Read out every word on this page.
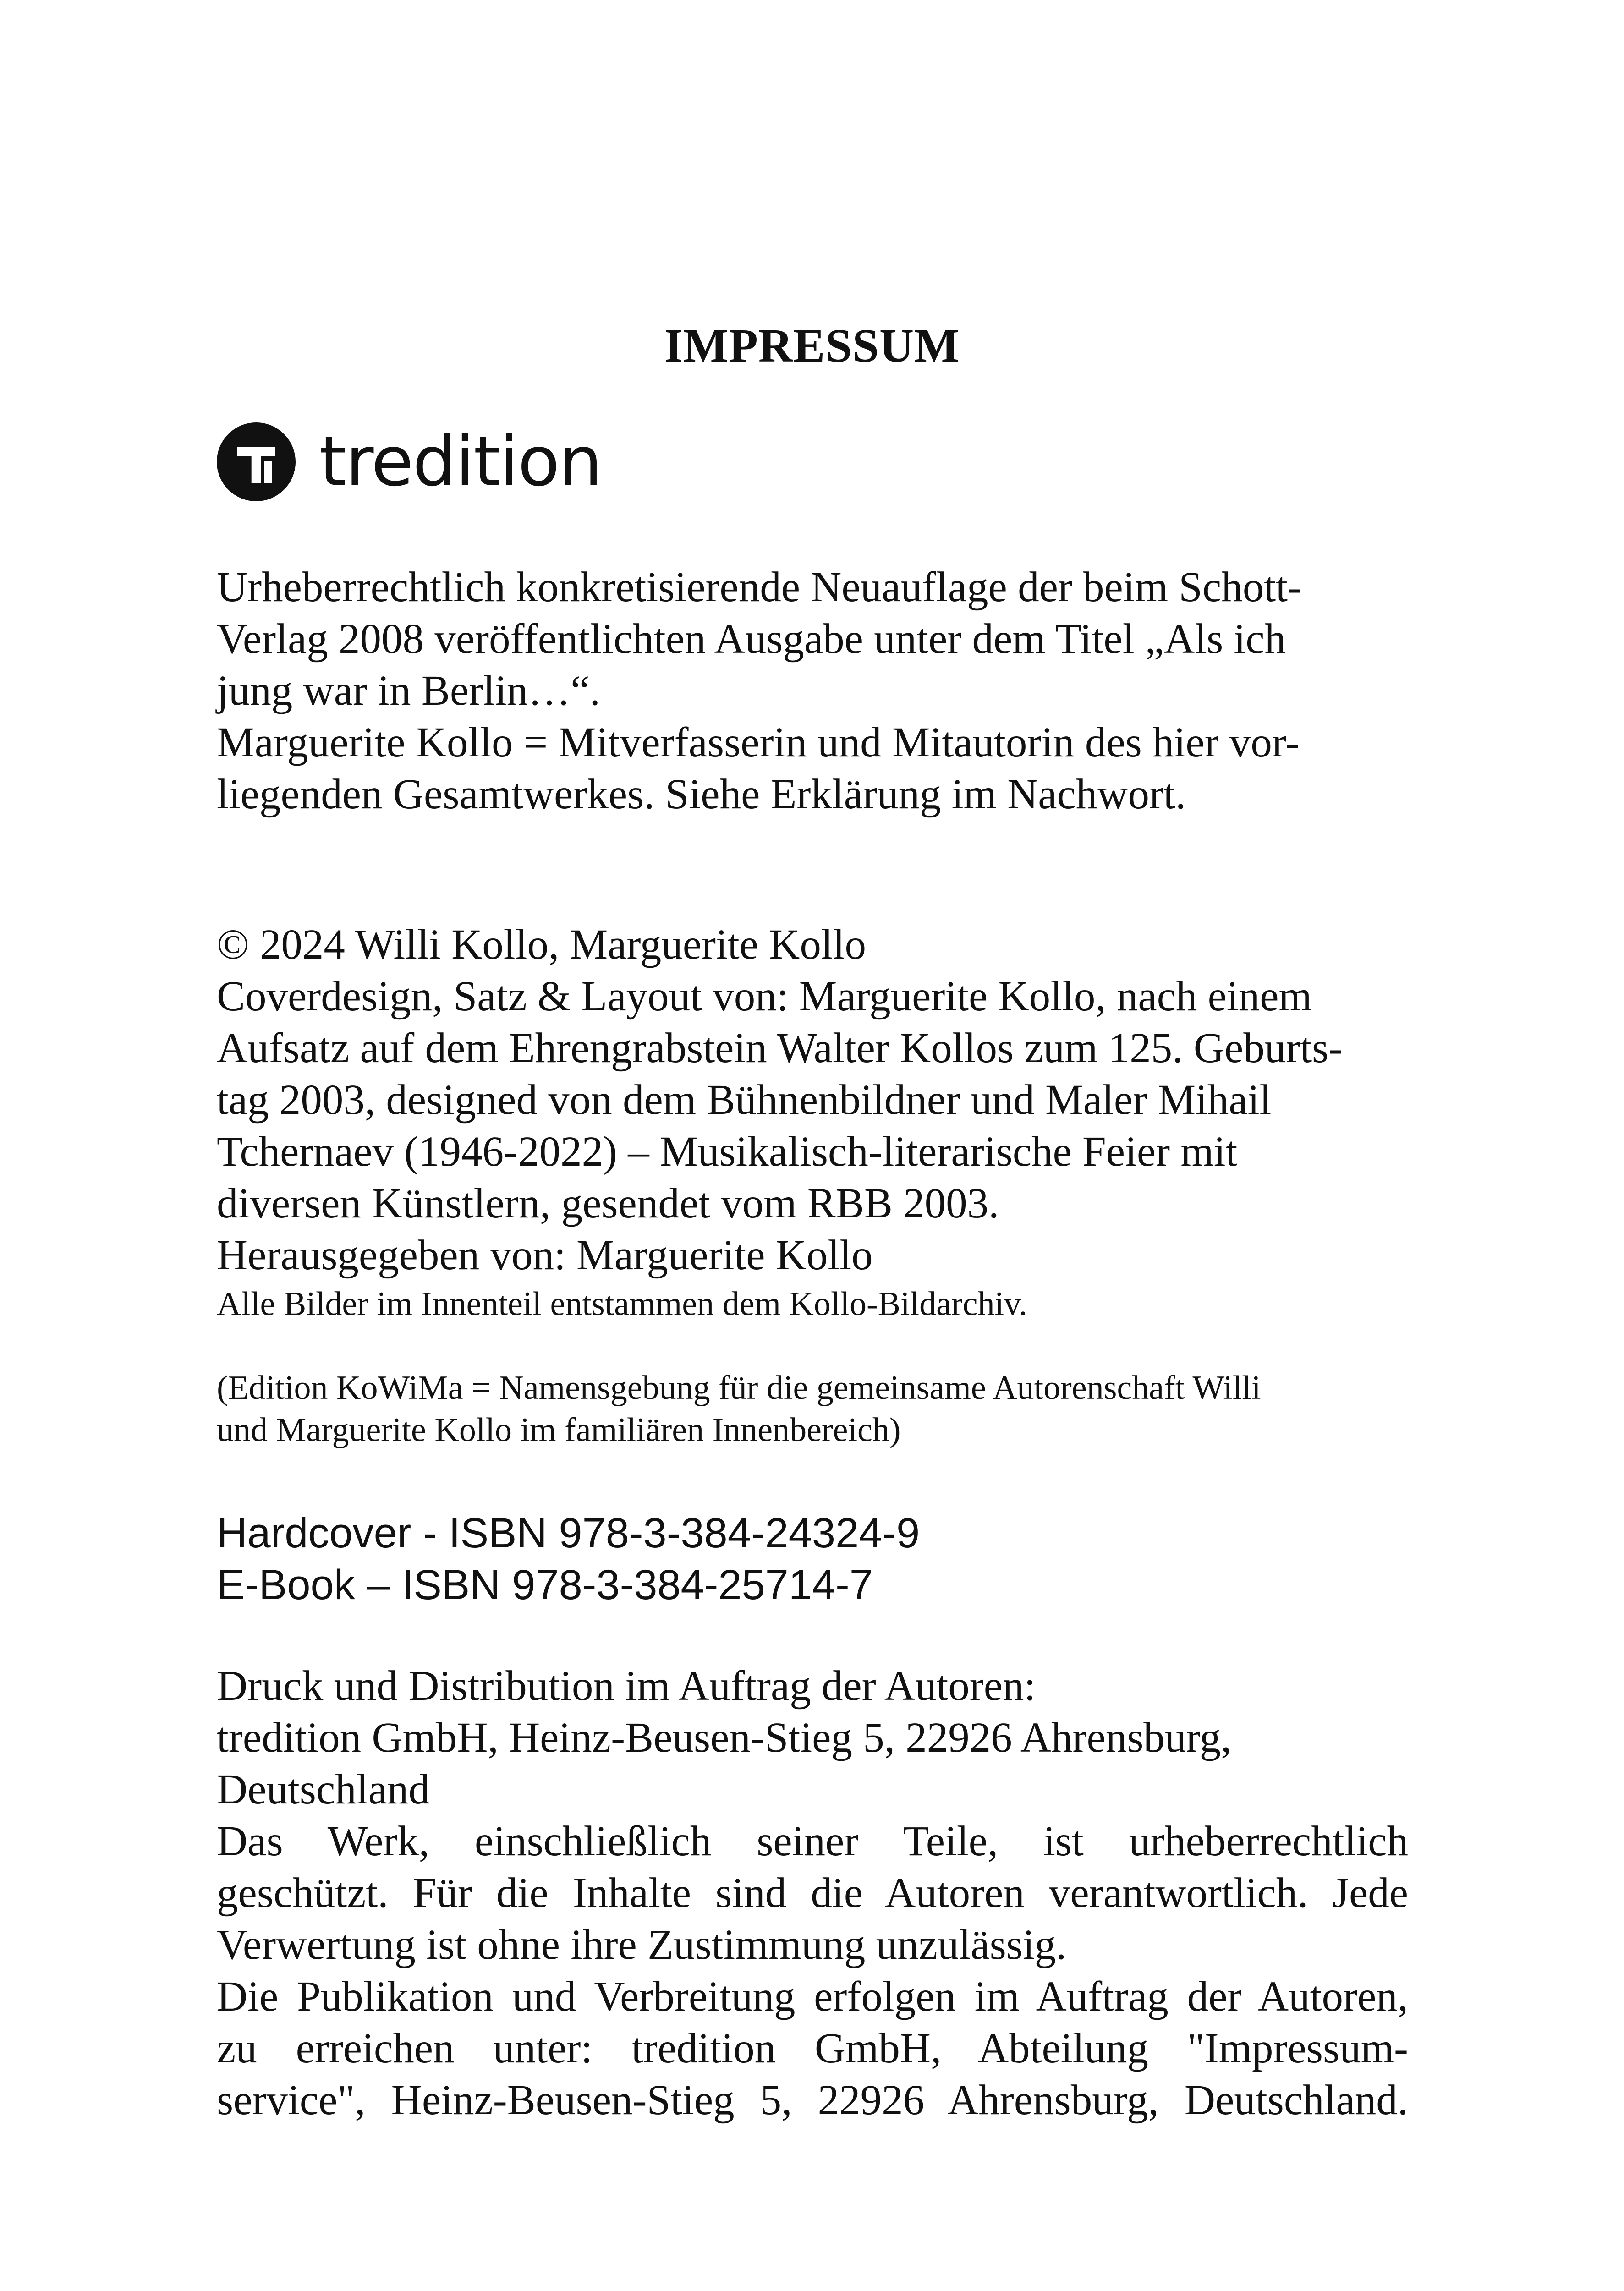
IMPRESSUM
tredition

Urheberrechtlich konkretisierende Neuauflage der beim Schott-

Verlag 2008 veröffentlichten Ausgabe unter dem Titel „Als ich

jung war in Berlin…“.

Marguerite Kollo = Mitverfasserin und Mitautorin des hier vor-

liegenden Gesamtwerkes. Siehe Erklärung im Nachwort.

© 2024 Willi Kollo, Marguerite Kollo

Coverdesign, Satz & Layout von: Marguerite Kollo, nach einem

Aufsatz auf dem Ehrengrabstein Walter Kollos zum 125. Geburts-

tag 2003, designed von dem Bühnenbildner und Maler Mihail

Tchernaev (1946-2022) – Musikalisch-literarische Feier mit

diversen Künstlern, gesendet vom RBB 2003.

Herausgegeben von: Marguerite Kollo

Alle Bilder im Innenteil entstammen dem Kollo-Bildarchiv.

(Edition KoWiMa = Namensgebung für die gemeinsame Autorenschaft Willi

und Marguerite Kollo im familiären Innenbereich)

Hardcover - ISBN 978-3-384-24324-9

E-Book – ISBN 978-3-384-25714-7

Druck und Distribution im Auftrag der Autoren:

tredition GmbH, Heinz-Beusen-Stieg 5, 22926 Ahrensburg,

Deutschland

Das Werk, einschließlich seiner Teile, ist urheberrechtlich

geschützt. Für die Inhalte sind die Autoren verantwortlich. Jede

Verwertung ist ohne ihre Zustimmung unzulässig.

Die Publikation und Verbreitung erfolgen im Auftrag der Autoren,

zu erreichen unter: tredition GmbH, Abteilung "Impressum-

service", Heinz-Beusen-Stieg 5, 22926 Ahrensburg, Deutschland.
